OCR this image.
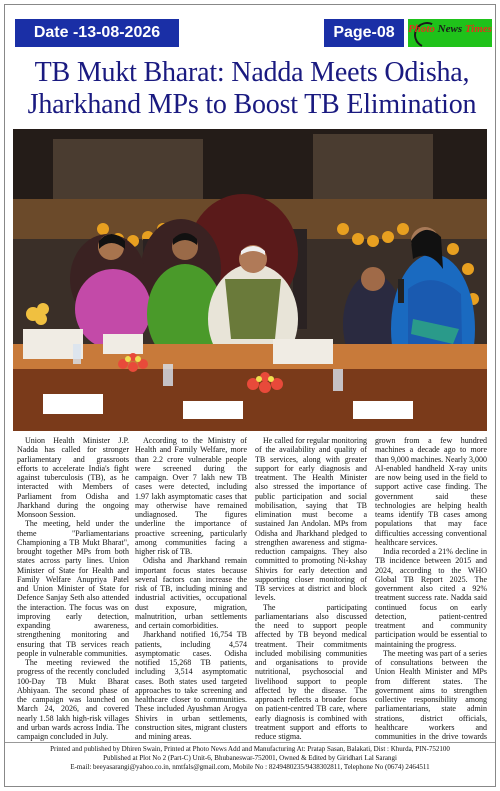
Date -13-08-2026	Page-08	Photo News Times
TB Mukt Bharat: Nadda Meets Odisha, Jharkhand MPs to Boost TB Elimination

Union Health Minister J.P. Nadda has called for stronger parliamentary and grassroots efforts to accelerate India's fight against tuberculosis (TB), as he interacted with Members of Parliament from Odisha and Jharkhand during the ongoing Monsoon Session.

The meeting, held under the theme "Parliamentarians Championing a TB Mukt Bharat", brought together MPs from both states across party lines. Union Minister of State for Health and Family Welfare Anupriya Patel and Union Minister of State for Defence Sanjay Seth also attended the interaction. The focus was on improving early detection, expanding awareness, strengthening monitoring and ensuring that TB services reach people in vulnerable communities.

The meeting reviewed the progress of the recently concluded 100-Day TB Mukt Bharat Abhiyaan. The second phase of the campaign was launched on March 24, 2026, and covered nearly 1.58 lakh high-risk villages and urban wards across India. The campaign concluded in July.

According to the Ministry of Health and Family Welfare, more than 2.2 crore vulnerable people were screened during the campaign. Over 7 lakh new TB cases were detected, including 1.97 lakh asymptomatic cases that may otherwise have remained undiagnosed. The figures underline the importance of proactive screening, particularly among communities facing a higher risk of TB.

Odisha and Jharkhand remain important focus states because several factors can increase the risk of TB, including mining and industrial activities, occupational dust exposure, migration, malnutrition, urban settlements and certain comorbidities.

Jharkhand notified 16,754 TB patients, including 4,574 asymptomatic cases. Odisha notified 15,268 TB patients, including 3,514 asymptomatic cases. Both states used targeted approaches to take screening and healthcare closer to communities. These included Ayushman Arogya Shivirs in urban settlements, construction sites, migrant clusters and mining areas.

He called for regular monitoring of the availability and quality of TB services, along with greater support for early diagnosis and treatment. The Health Minister also stressed the importance of public participation and social mobilisation, saying that TB elimination must become a sustained Jan Andolan. MPs from Odisha and Jharkhand pledged to strengthen awareness and stigma-reduction campaigns. They also committed to promoting Ni-kshay Shivirs for early detection and supporting closer monitoring of TB services at district and block levels.

The participating parliamentarians also discussed the need to support people affected by TB beyond medical treatment. Their commitments included mobilising communities and organisations to provide nutritional, psychosocial and livelihood support to people affected by the disease. The approach reflects a broader focus on patient-centred TB care, where early diagnosis is combined with treatment support and efforts to reduce stigma.

grown from a few hundred machines a decade ago to more than 9,000 machines. Nearly 3,000 AI-enabled handheld X-ray units are now being used in the field to support active case finding. The government said these technologies are helping health teams identify TB cases among populations that may face difficulties accessing conventional healthcare services.

India recorded a 21% decline in TB incidence between 2015 and 2024, according to the WHO Global TB Report 2025. The government also cited a 92% treatment success rate. Nadda said continued focus on early detection, patient-centred treatment and community participation would be essential to maintaining the progress.

The meeting was part of a series of consultations between the Union Health Minister and MPs from different states. The government aims to strengthen collective responsibility among parliamentarians, state admin strations, district officials, healthcare workers and communities in the drive towards

Printed and published by Dhiren Swain, Printed at Photo News Add and Manufacturing At: Pratap Sasan, Balakati, Dist : Khurda, PIN-752100
Published at Plot No 2 (Part-C) Unit-6, Bhubaneswar-752001, Owned & Edited by Giridhari Lal Sarangi
E-mail: beeyasarangi@yahoo.co.in, nmtfals@gmail.com, Mobile No : 8249480235/9438302811, Telephone No (0674) 2464511
